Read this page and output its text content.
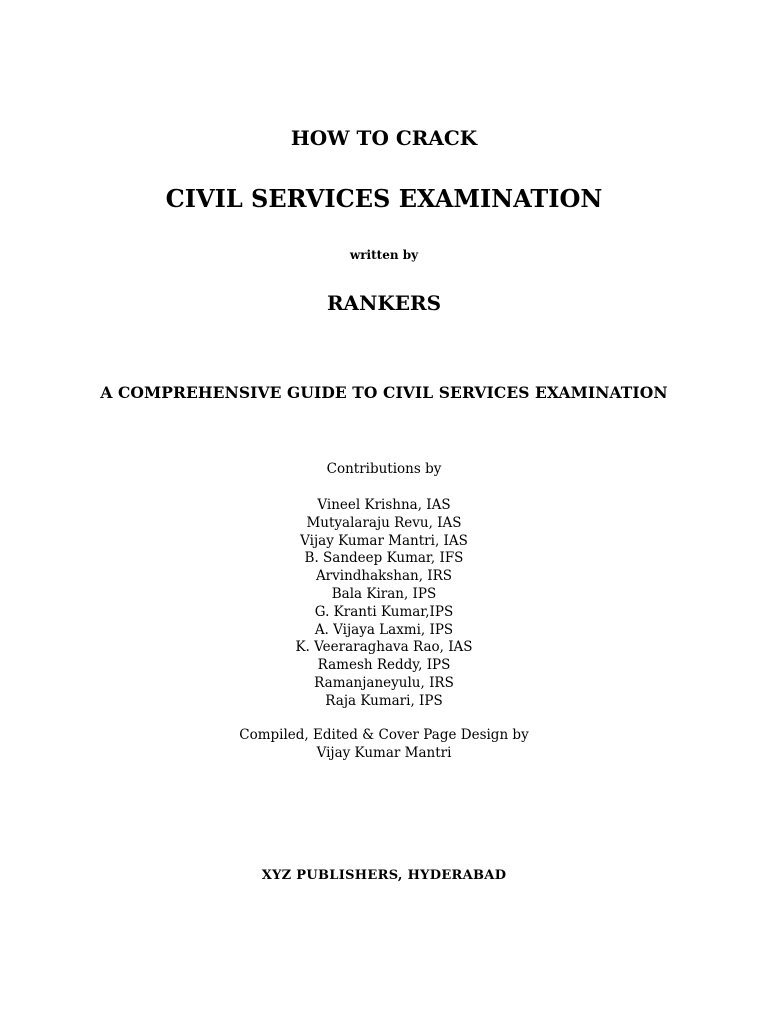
HOW TO CRACK
CIVIL SERVICES EXAMINATION
written by
RANKERS
A COMPREHENSIVE GUIDE TO CIVIL SERVICES EXAMINATION
Contributions by
Vineel Krishna, IAS
Mutyalaraju Revu, IAS
Vijay Kumar Mantri, IAS
B. Sandeep Kumar, IFS
Arvindhakshan, IRS
Bala Kiran, IPS
G. Kranti Kumar,IPS
A. Vijaya Laxmi, IPS
K. Veeraraghava Rao, IAS
Ramesh Reddy, IPS
Ramanjaneyulu, IRS
Raja Kumari, IPS
Compiled, Edited & Cover Page Design by
Vijay Kumar Mantri
XYZ PUBLISHERS, HYDERABAD
